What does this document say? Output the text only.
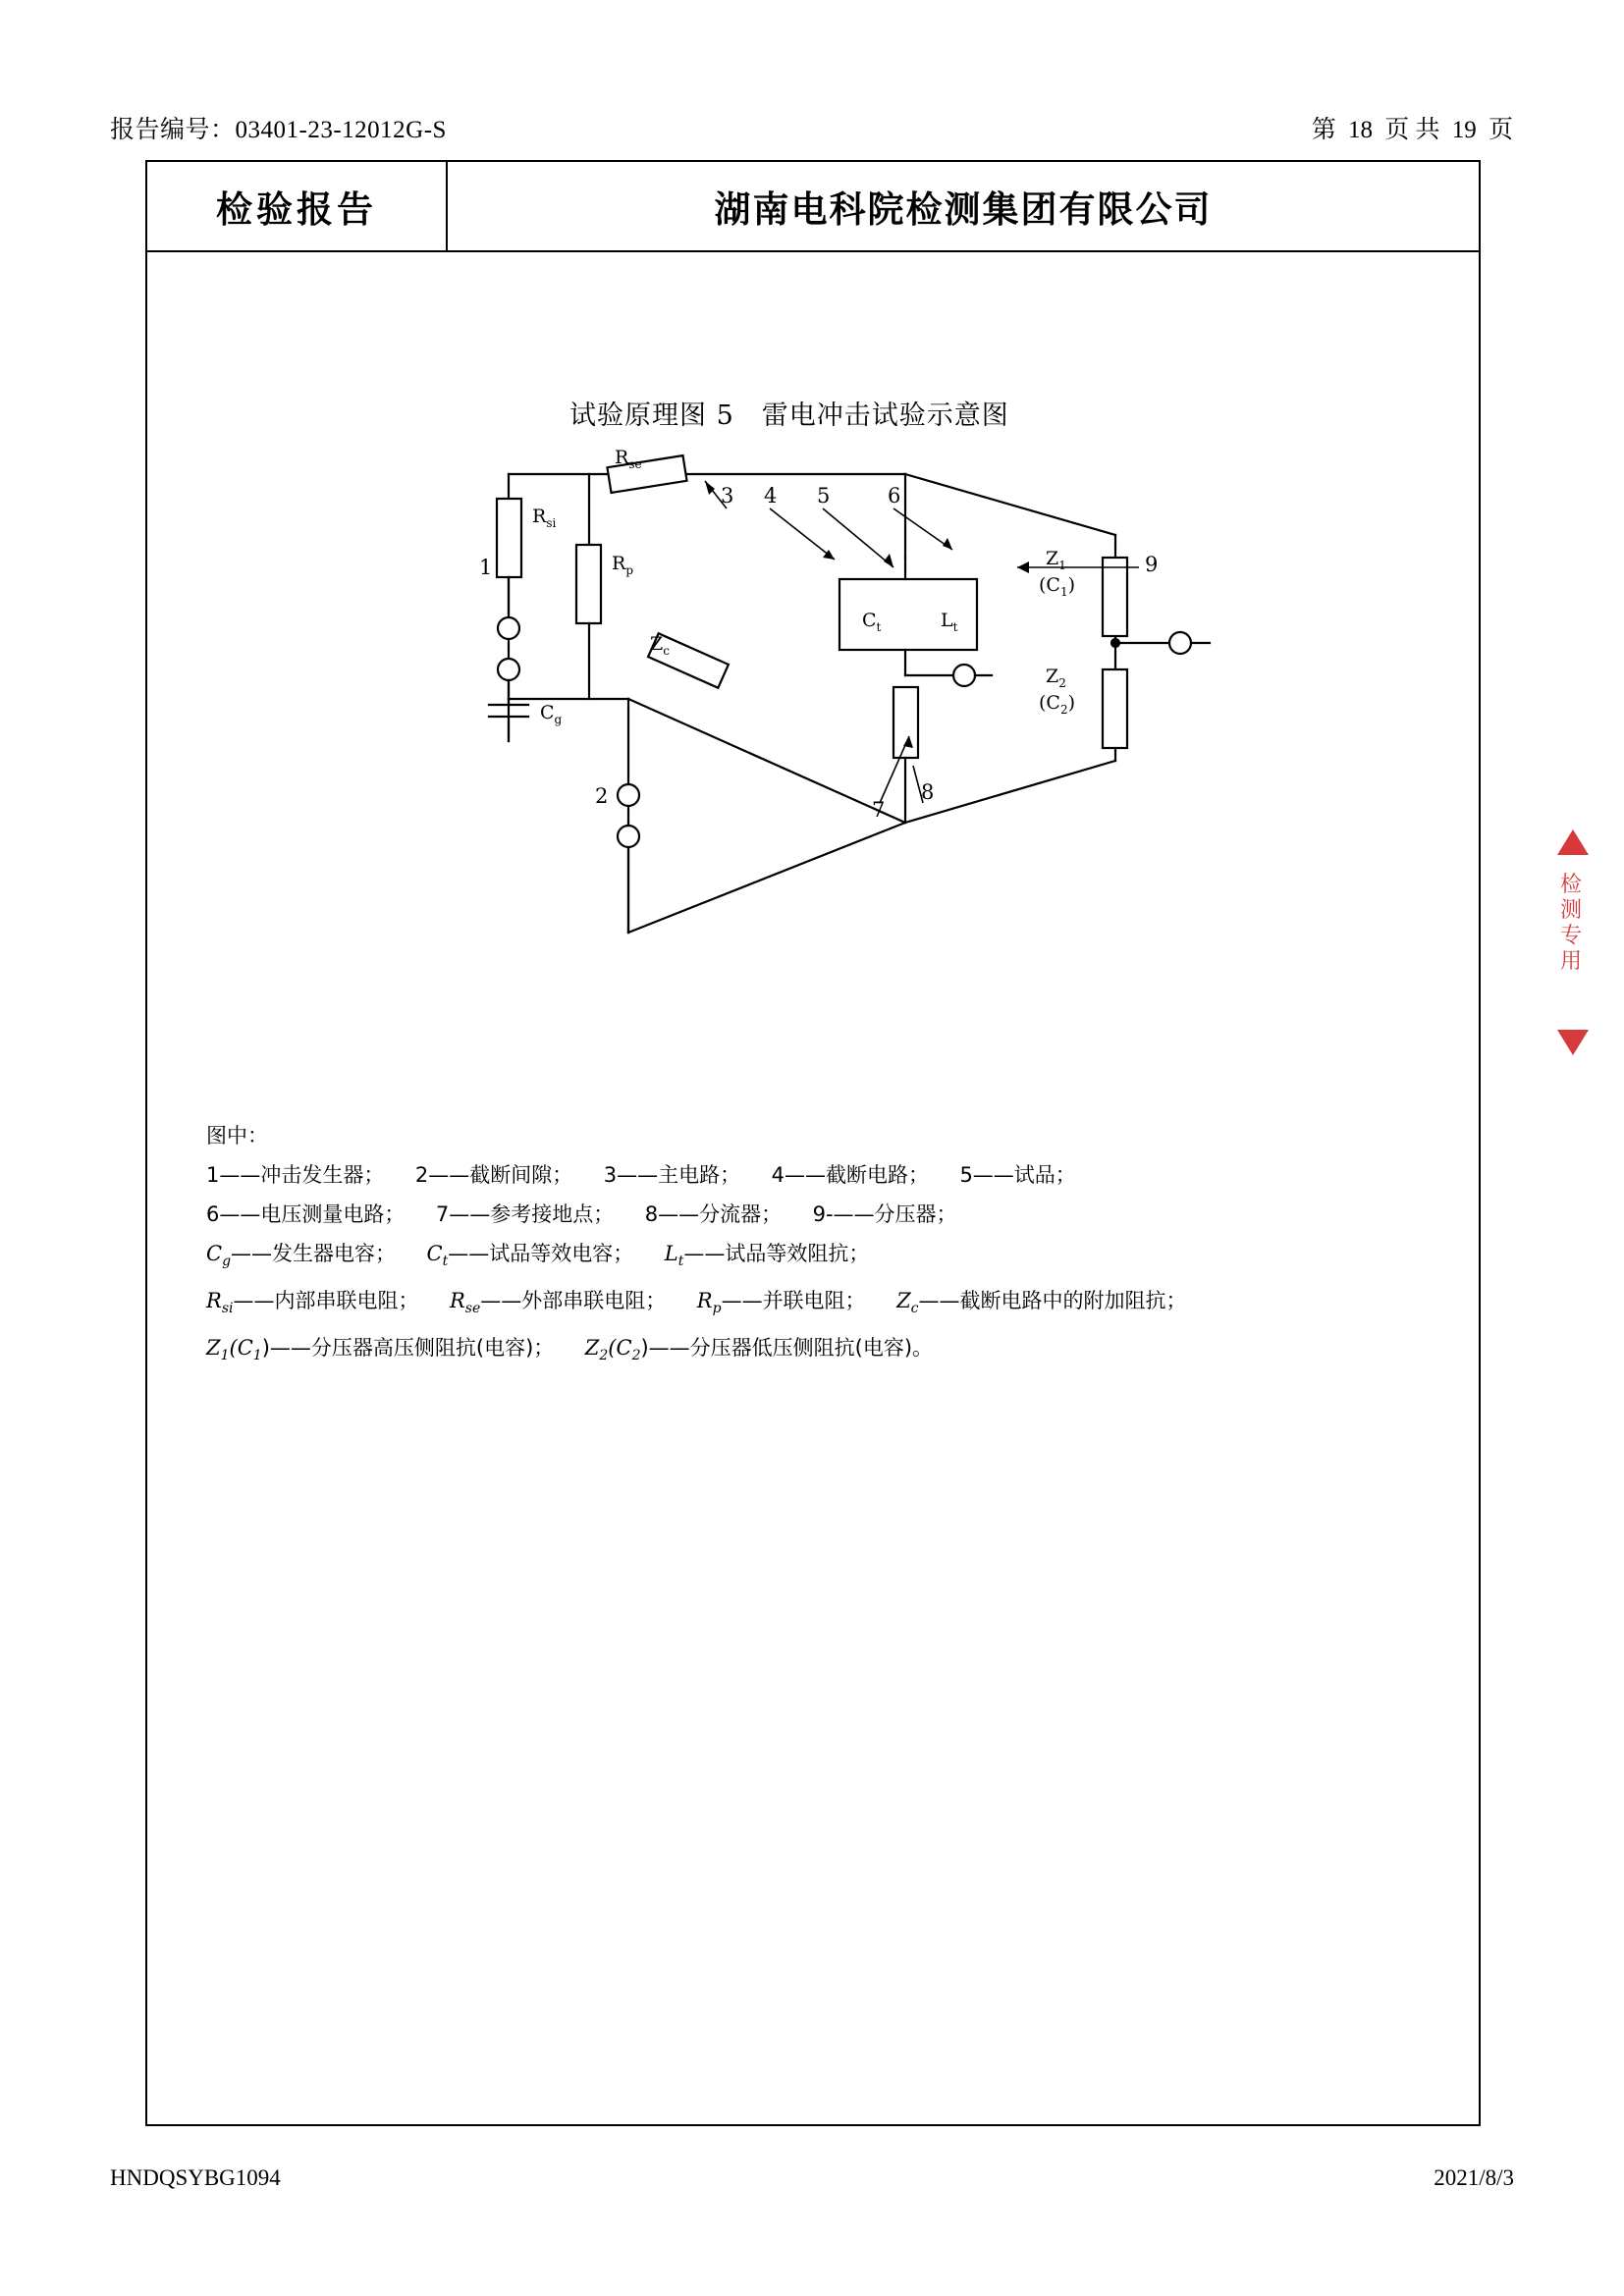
报告编号：03401-23-12012G-S	第 18 页 共 19 页
检验报告	湖南电科院检测集团有限公司
试验原理图 5　雷电冲击试验示意图
$R_{si}$
$R_{se}$
$R_p$
$C_g$
$Z_c$
$C_t$	$L_t$
$Z_1$
$(C_1)$
$Z_2$
$(C_2)$
1
2
3 4 5	6
7
8
9
图中：
1——冲击发生器；　　2——截断间隙；　　3——主电路；　　4——截断电路；　　5——试品；
6——电压测量电路；　　7——参考接地点；　　8——分流器；　　9-——分压器；
$C_g——$发生器电容；　　$C_t——$试品等效电容；　　$L_t——$试品等效阻抗；
$R_{si}——$内部串联电阻；　　$R_{se}——$外部串联电阻；　　$R_p——$并联电阻；　　$Z_c——$截断电路中的附加阻抗；
$Z_1(C_1)——$分压器高压侧阻抗(电容)；　　$Z_2(C_2)——$分压器低压侧阻抗(电容)。
检测专用
HNDQSYBG1094	2021/8/3
